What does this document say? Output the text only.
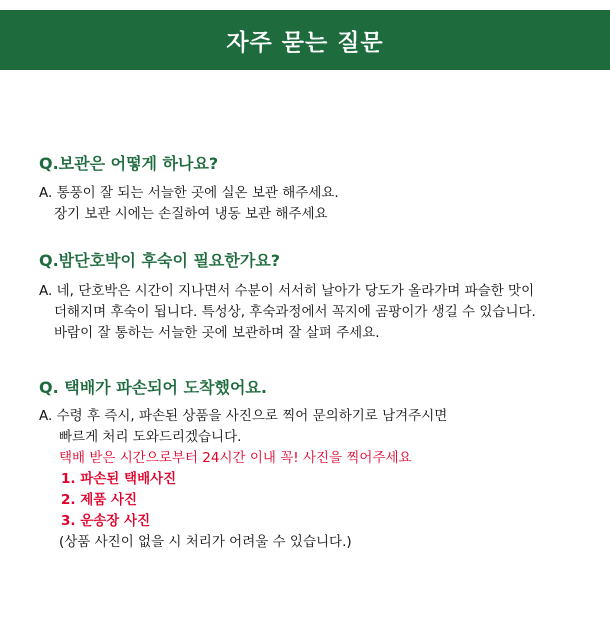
자주 묻는 질문
Q.보관은 어떻게 하나요?
A. 통풍이 잘 되는 서늘한 곳에 실온 보관 해주세요.
장기 보관 시에는 손질하여 냉동 보관 해주세요
Q.밤단호박이 후숙이 필요한가요?
A. 네, 단호박은 시간이 지나면서 수분이 서서히 날아가 당도가 올라가며 파슬한 맛이
더해지며 후숙이 됩니다. 특성상, 후숙과정에서 꼭지에 곰팡이가 생길 수 있습니다.
바람이 잘 통하는 서늘한 곳에 보관하며 잘 살펴 주세요.
Q. 택배가 파손되어 도착했어요.
A. 수령 후 즉시, 파손된 상품을 사진으로 찍어 문의하기로 남겨주시면
빠르게 처리 도와드리겠습니다.
택배 받은 시간으로부터 24시간 이내 꼭! 사진을 찍어주세요
1. 파손된 택배사진
2. 제품 사진
3. 운송장 사진
(상품 사진이 없을 시 처리가 어려울 수 있습니다.)
